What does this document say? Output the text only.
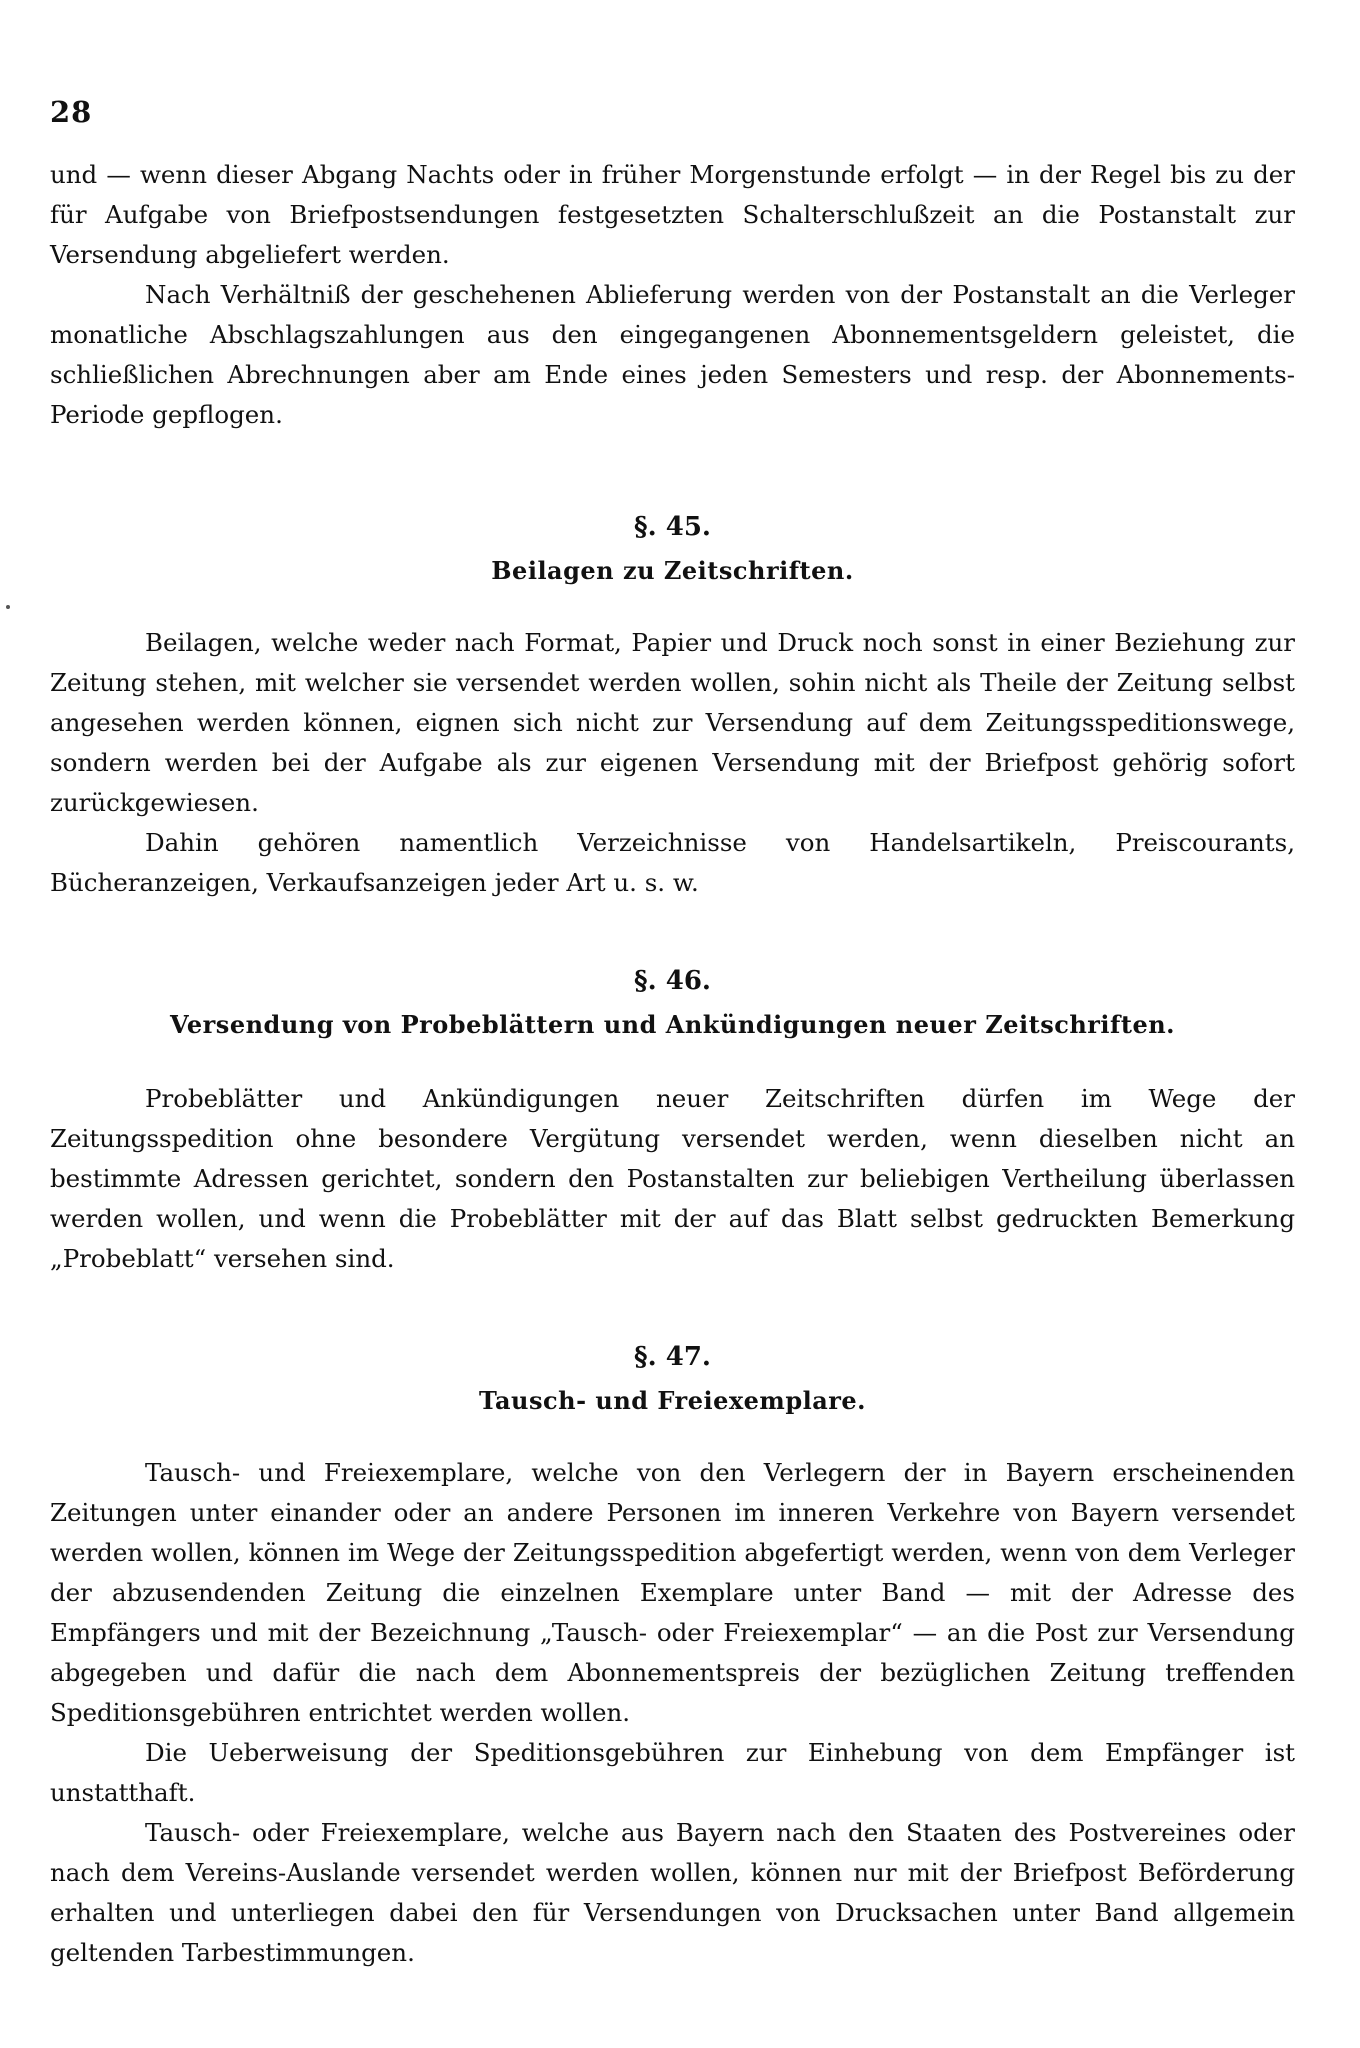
28

und — wenn dieser Abgang Nachts oder in früher Morgenstunde erfolgt — in der Regel bis zu der für Aufgabe von Briefpostsendungen festgesetzten Schalterschlußzeit an die Postanstalt zur Versendung abgeliefert werden.

Nach Verhältniß der geschehenen Ablieferung werden von der Postanstalt an die Verleger monatliche Abschlagszahlungen aus den eingegangenen Abonnementsgeldern geleistet, die schließlichen Abrechnungen aber am Ende eines jeden Semesters und resp. der Abonnements-Periode gepflogen.

§. 45.
Beilagen zu Zeitschriften.

Beilagen, welche weder nach Format, Papier und Druck noch sonst in einer Beziehung zur Zeitung stehen, mit welcher sie versendet werden wollen, sohin nicht als Theile der Zeitung selbst angesehen werden können, eignen sich nicht zur Versendung auf dem Zeitungsspeditionswege, sondern werden bei der Aufgabe als zur eigenen Versendung mit der Briefpost gehörig sofort zurückgewiesen.

Dahin gehören namentlich Verzeichnisse von Handelsartikeln, Preiscourants, Bücheranzeigen, Verkaufsanzeigen jeder Art u. s. w.

§. 46.
Versendung von Probeblättern und Ankündigungen neuer Zeitschriften.

Probeblätter und Ankündigungen neuer Zeitschriften dürfen im Wege der Zeitungsspedition ohne besondere Vergütung versendet werden, wenn dieselben nicht an bestimmte Adressen gerichtet, sondern den Postanstalten zur beliebigen Vertheilung überlassen werden wollen, und wenn die Probeblätter mit der auf das Blatt selbst gedruckten Bemerkung „Probeblatt“ versehen sind.

§. 47.
Tausch- und Freiexemplare.

Tausch- und Freiexemplare, welche von den Verlegern der in Bayern erscheinenden Zeitungen unter einander oder an andere Personen im inneren Verkehre von Bayern versendet werden wollen, können im Wege der Zeitungsspedition abgefertigt werden, wenn von dem Verleger der abzusendenden Zeitung die einzelnen Exemplare unter Band — mit der Adresse des Empfängers und mit der Bezeichnung „Tausch- oder Freiexemplar“ — an die Post zur Versendung abgegeben und dafür die nach dem Abonnementspreis der bezüglichen Zeitung treffenden Speditionsgebühren entrichtet werden wollen.

Die Ueberweisung der Speditionsgebühren zur Einhebung von dem Empfänger ist unstatthaft.

Tausch- oder Freiexemplare, welche aus Bayern nach den Staaten des Postvereines oder nach dem Vereins-Auslande versendet werden wollen, können nur mit der Briefpost Beförderung erhalten und unterliegen dabei den für Versendungen von Drucksachen unter Band allgemein geltenden Tarbestimmungen.
